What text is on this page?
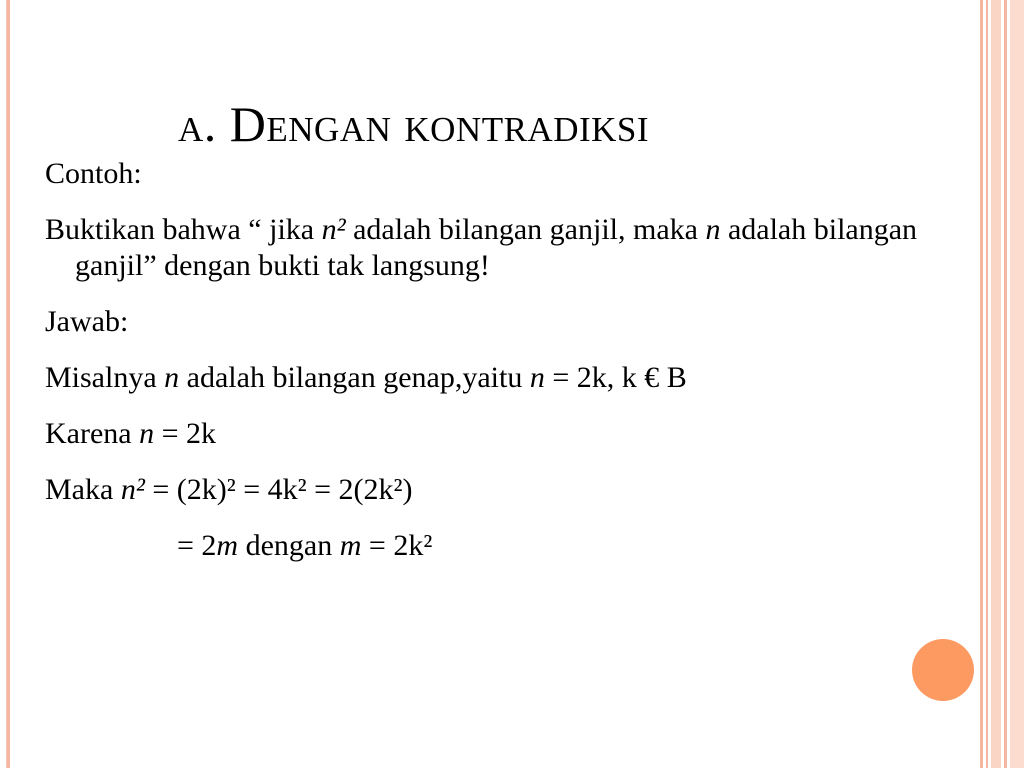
a. Dengan kontradiksi
Contoh:
Buktikan bahwa “ jika n² adalah bilangan ganjil, maka n adalah bilangan ganjil” dengan bukti tak langsung!
Jawab:
Misalnya n adalah bilangan genap,yaitu n = 2k, k € B
Karena n = 2k
Maka n² = (2k)² = 4k² = 2(2k²)
= 2m dengan m = 2k²
